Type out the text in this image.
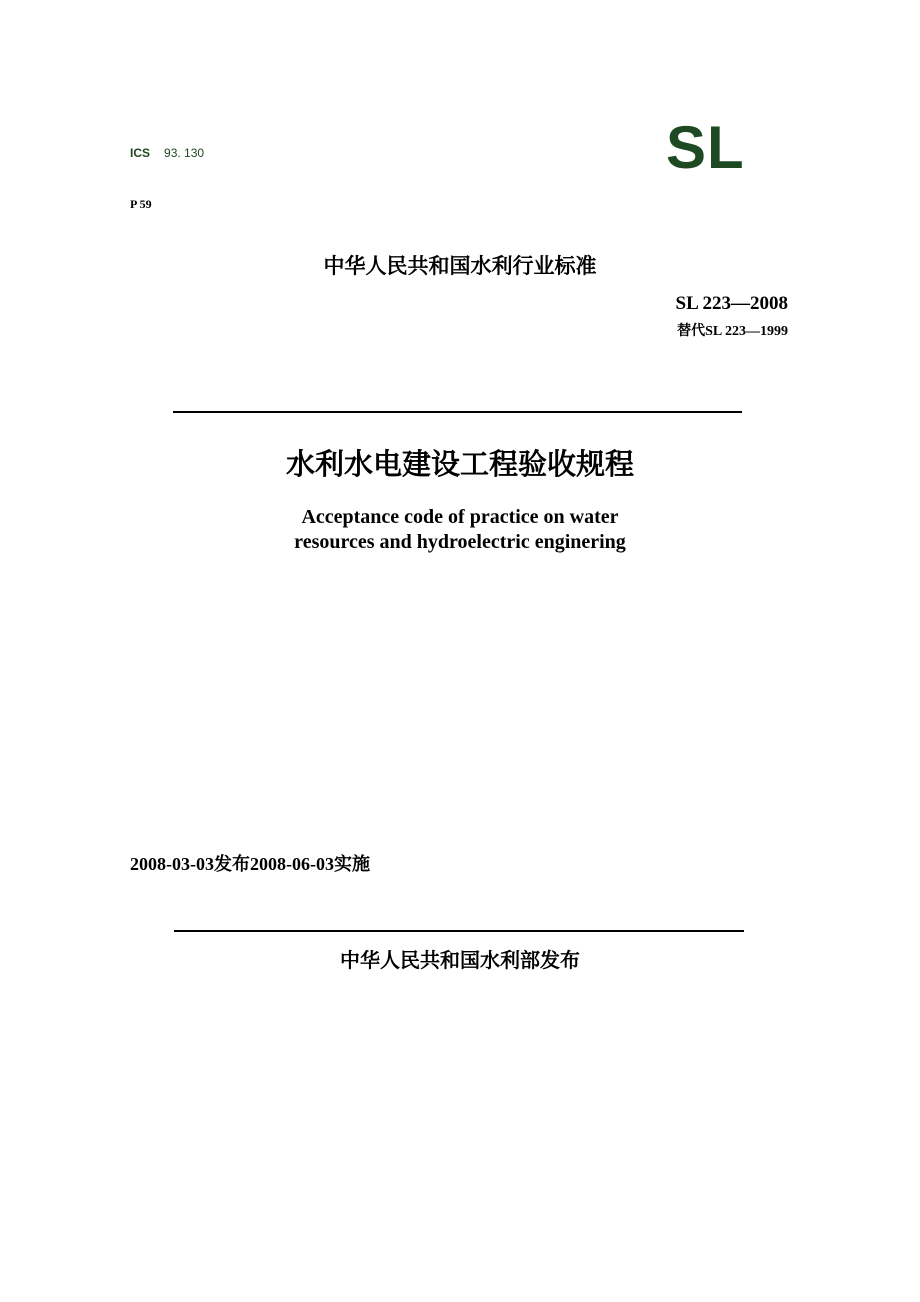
ICS 93. 130
P 59
SL
中华人民共和国水利行业标准
SL 223—2008
替代SL 223—1999
水利水电建设工程验收规程
Acceptance code of practice on water
resources and hydroelectric enginering
2008-03-03发布2008-06-03实施
中华人民共和国水利部发布
